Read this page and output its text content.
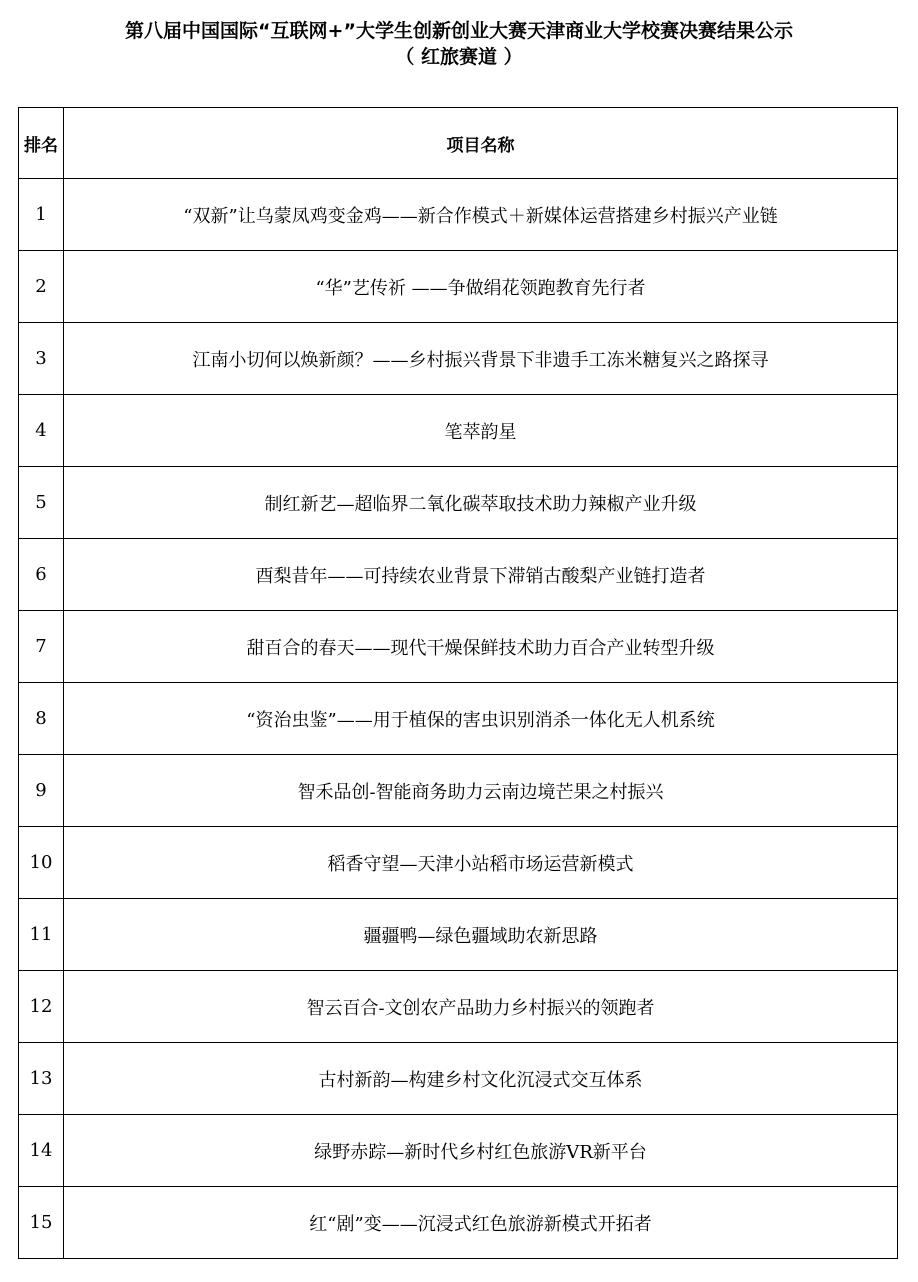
第八届中国国际“互联网+”大学生创新创业大赛天津商业大学校赛决赛结果公示
（ 红旅赛道 ）
排名	项目名称
1	“双新”让乌蒙凤鸡变金鸡——新合作模式＋新媒体运营搭建乡村振兴产业链
2	“华”艺传祈 ——争做绢花领跑教育先行者
3	江南小切何以焕新颜？——乡村振兴背景下非遗手工冻米糖复兴之路探寻
4	笔萃韵星
5	制红新艺—超临界二氧化碳萃取技术助力辣椒产业升级
6	酉梨昔年——可持续农业背景下滞销古酸梨产业链打造者
7	甜百合的春天——现代干燥保鲜技术助力百合产业转型升级
8	“资治虫鉴”——用于植保的害虫识别消杀一体化无人机系统
9	智禾品创-智能商务助力云南边境芒果之村振兴
10	稻香守望—天津小站稻市场运营新模式
11	疆疆鸭—绿色疆域助农新思路
12	智云百合-文创农产品助力乡村振兴的领跑者
13	古村新韵—构建乡村文化沉浸式交互体系
14	绿野赤踪—新时代乡村红色旅游VR新平台
15	红“剧”变——沉浸式红色旅游新模式开拓者
